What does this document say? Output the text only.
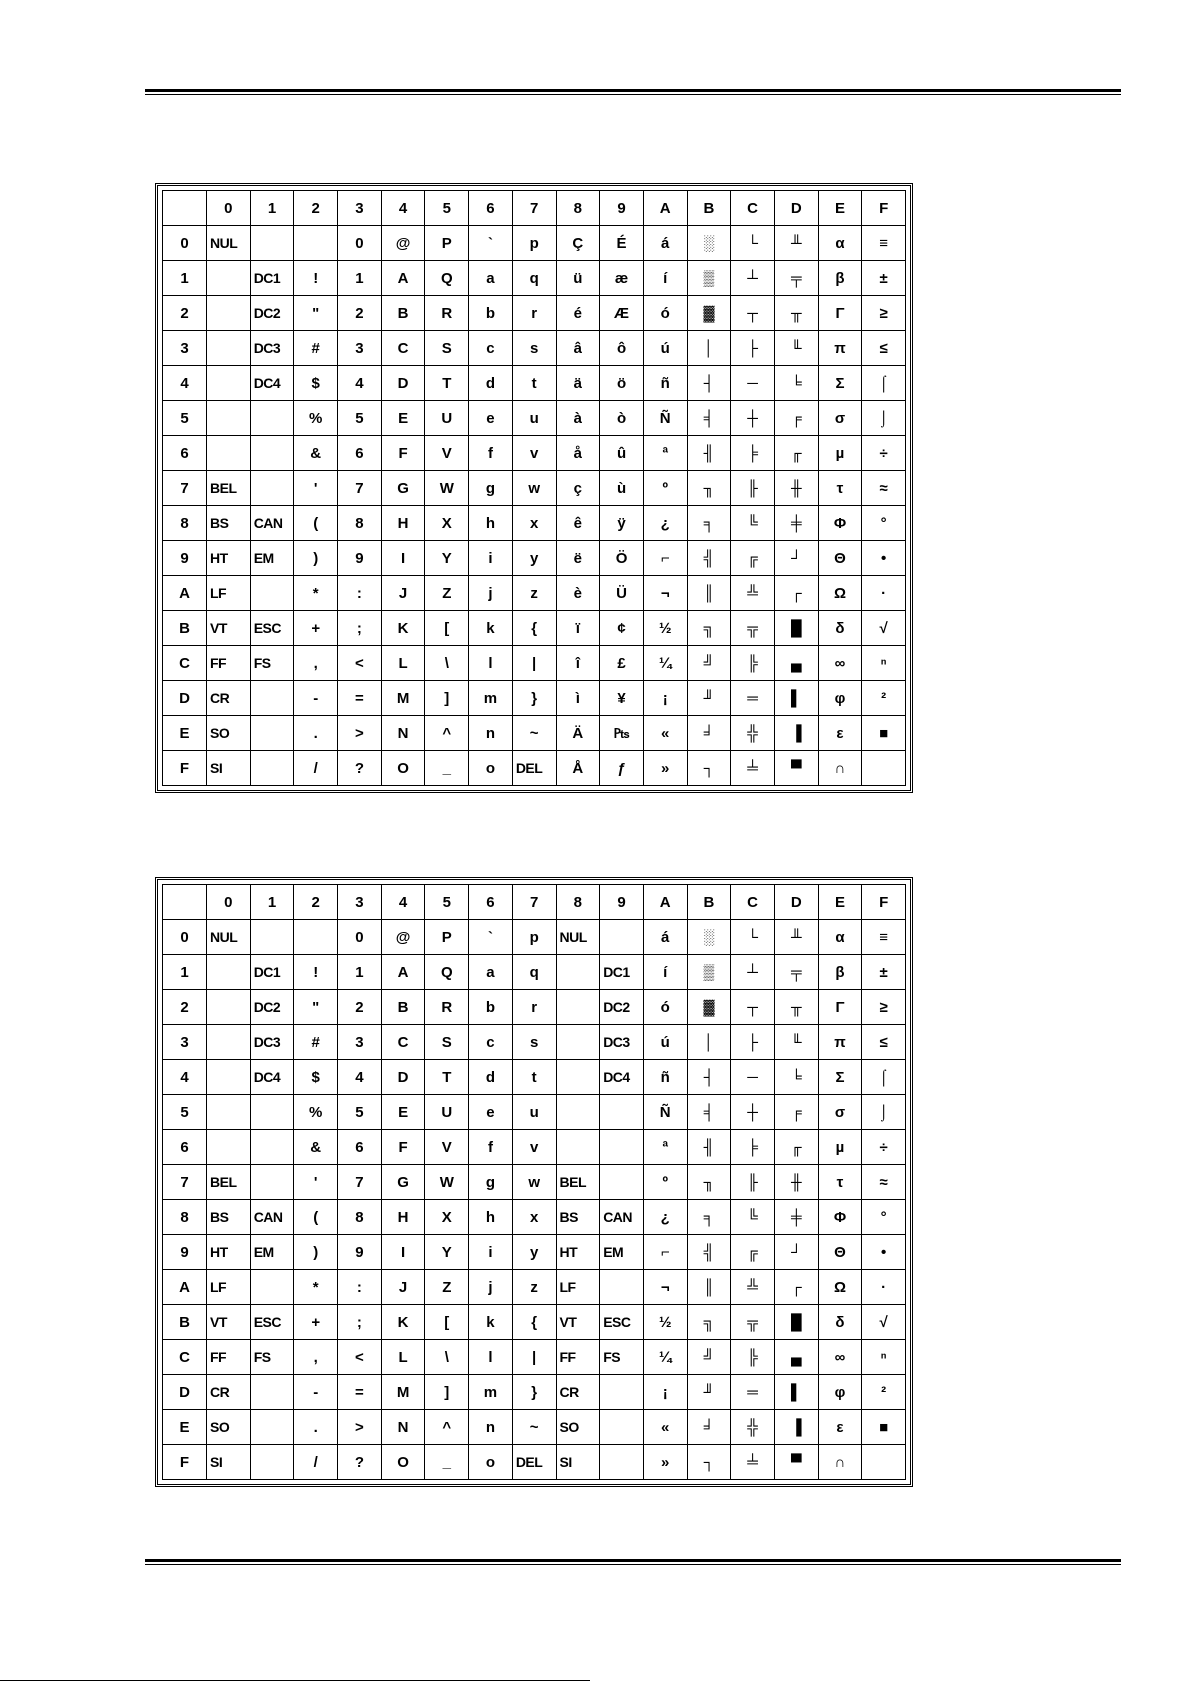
	0	1	2	3	4	5	6	7	8	9	A	B	C	D	E	F
0	NUL			0	@	P	`	p	Ç	É	á	░	└	╨	α	≡
1		DC1	!	1	A	Q	a	q	ü	æ	í	▒	┴	╤	β	±
2		DC2	"	2	B	R	b	r	é	Æ	ó	▓	┬	╥	Γ	≥
3		DC3	#	3	C	S	c	s	â	ô	ú	│	├	╙	π	≤
4		DC4	$	4	D	T	d	t	ä	ö	ñ	┤	─	╘	Σ	⌠
5			%	5	E	U	e	u	à	ò	Ñ	╡	┼	╒	σ	⌡
6			&	6	F	V	f	v	å	û	ª	╢	╞	╓	µ	÷
7	BEL		'	7	G	W	g	w	ç	ù	º	╖	╟	╫	τ	≈
8	BS	CAN	(	8	H	X	h	x	ê	ÿ	¿	╕	╚	╪	Φ	°
9	HT	EM	)	9	I	Y	i	y	ë	Ö	⌐	╣	╔	┘	Θ	•
A	LF		*	:	J	Z	j	z	è	Ü	¬	║	╩	┌	Ω	·
B	VT	ESC	+	;	K	[	k	{	ï	¢	½	╗	╦	█	δ	√
C	FF	FS	,	<	L	\	l	|	î	£	¼	╝	╠	▄	∞	ⁿ
D	CR		-	=	M	]	m	}	ì	¥	¡	╜	═	▌	φ	²
E	SO		.	>	N	^	n	~	Ä	₧	«	╛	╬	▐	ε	■
F	SI		/	?	O	_	o	DEL	Å	ƒ	»	┐	╧	▀	∩	
	0	1	2	3	4	5	6	7	8	9	A	B	C	D	E	F
0	NUL			0	@	P	`	p	NUL		á	░	└	╨	α	≡
1		DC1	!	1	A	Q	a	q		DC1	í	▒	┴	╤	β	±
2		DC2	"	2	B	R	b	r		DC2	ó	▓	┬	╥	Γ	≥
3		DC3	#	3	C	S	c	s		DC3	ú	│	├	╙	π	≤
4		DC4	$	4	D	T	d	t		DC4	ñ	┤	─	╘	Σ	⌠
5			%	5	E	U	e	u			Ñ	╡	┼	╒	σ	⌡
6			&	6	F	V	f	v			ª	╢	╞	╓	µ	÷
7	BEL		'	7	G	W	g	w	BEL		º	╖	╟	╫	τ	≈
8	BS	CAN	(	8	H	X	h	x	BS	CAN	¿	╕	╚	╪	Φ	°
9	HT	EM	)	9	I	Y	i	y	HT	EM	⌐	╣	╔	┘	Θ	•
A	LF		*	:	J	Z	j	z	LF		¬	║	╩	┌	Ω	·
B	VT	ESC	+	;	K	[	k	{	VT	ESC	½	╗	╦	█	δ	√
C	FF	FS	,	<	L	\	l	|	FF	FS	¼	╝	╠	▄	∞	ⁿ
D	CR		-	=	M	]	m	}	CR		¡	╜	═	▌	φ	²
E	SO		.	>	N	^	n	~	SO		«	╛	╬	▐	ε	■
F	SI		/	?	O	_	o	DEL	SI		»	┐	╧	▀	∩	
